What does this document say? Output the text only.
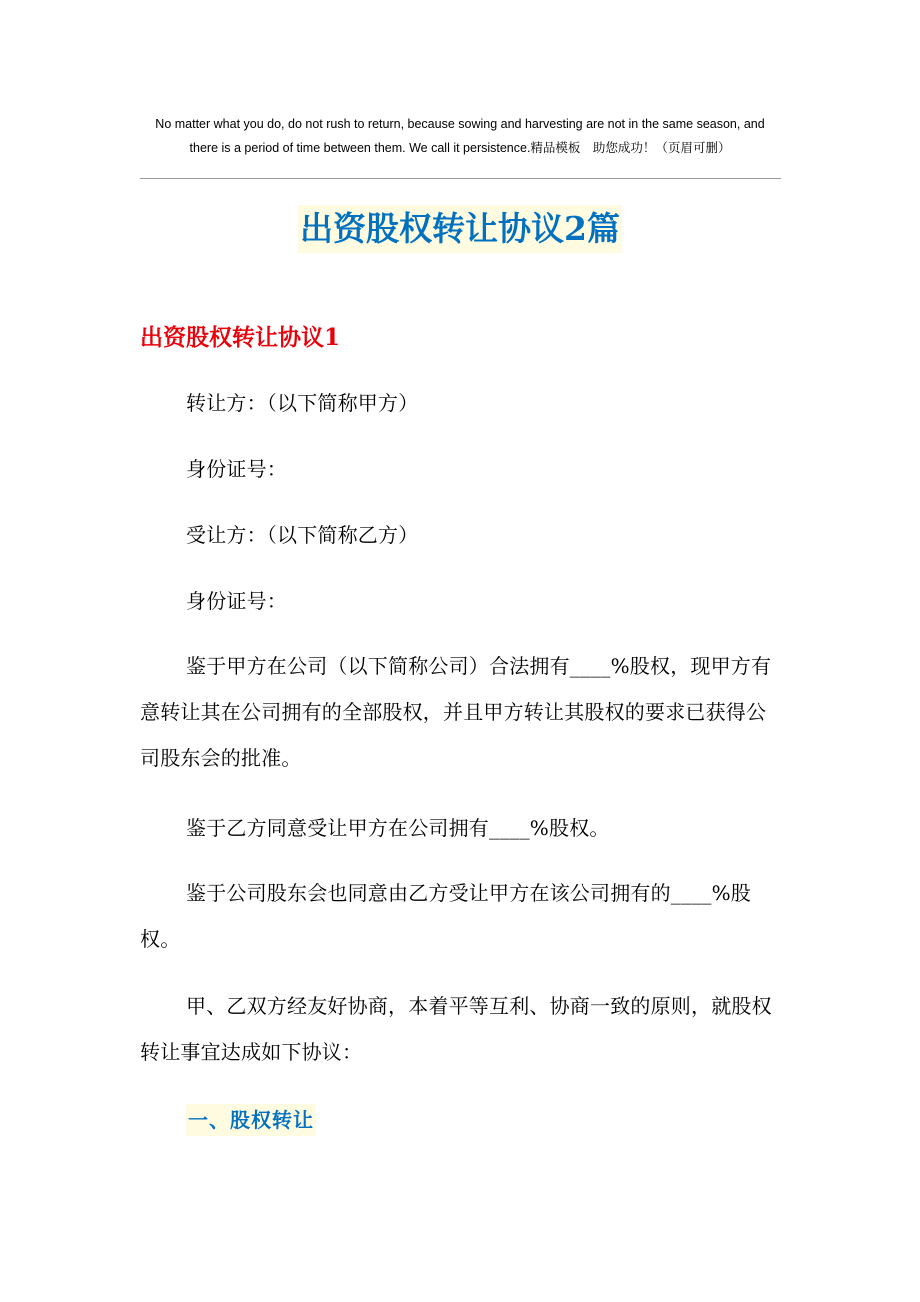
No matter what you do, do not rush to return, because sowing and harvesting are not in the same season, and
there is a period of time between them. We call it persistence.精品模板　助您成功！（页眉可删）
出资股权转让协议2篇
出资股权转让协议1

转让方：（以下简称甲方）

身份证号：

受让方：（以下简称乙方）

身份证号：

鉴于甲方在公司（以下简称公司）合法拥有____%股权，现甲方有意转让其在公司拥有的全部股权，并且甲方转让其股权的要求已获得公司股东会的批准。

鉴于乙方同意受让甲方在公司拥有____%股权。

鉴于公司股东会也同意由乙方受让甲方在该公司拥有的____%股权。

甲、乙双方经友好协商，本着平等互利、协商一致的原则，就股权转让事宜达成如下协议：

一、股权转让
